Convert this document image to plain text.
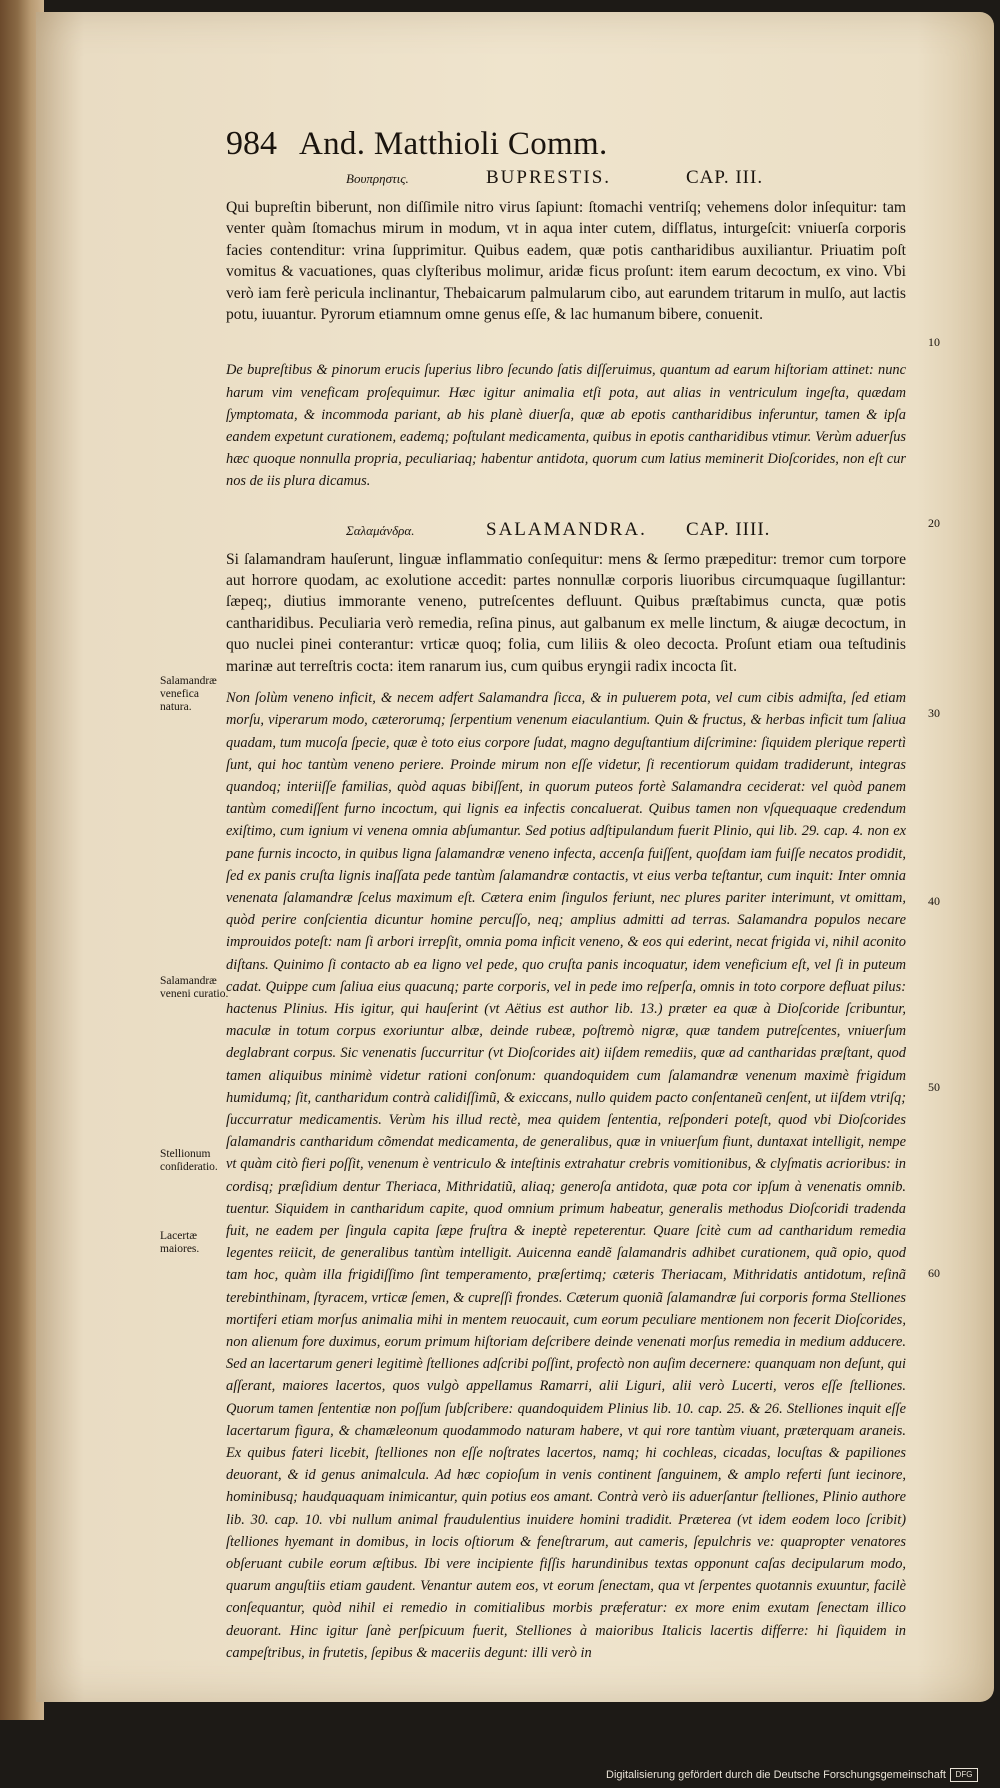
984 And. Matthioli Comm.
Βουπρηστις.	BUPRESTIS.	CAP. III.

Qui bupreſtin biberunt, non diſſimile nitro virus ſapiunt: ſtomachi ventriſq; vehemens dolor inſequitur: tam venter quàm ſtomachus mirum in modum, vt in aqua inter cutem, diſflatus, inturgeſcit: vniuerſa corporis facies contenditur: vrina ſupprimitur. Quibus eadem, quæ potis cantharidibus auxiliantur. Priuatim poſt vomitus & vacuationes, quas clyſteribus molimur, aridæ ficus proſunt: item earum decoctum, ex vino. Vbi verò iam ferè pericula inclinantur, Thebaicarum palmularum cibo, aut earundem tritarum in mulſo, aut lactis potu, iuuantur. Pyrorum etiamnum omne genus eſſe, & lac humanum bibere, conuenit.

De bupreſtibus & pinorum erucis ſuperius libro ſecundo ſatis diſſeruimus, quantum ad earum hiſtoriam attinet: nunc harum vim veneficam proſequimur. Hæc igitur animalia etſi pota, aut alias in ventriculum ingeſta, quædam ſymptomata, & incommoda pariant, ab his planè diuerſa, quæ ab epotis cantharidibus inferuntur, tamen & ipſa eandem expetunt curationem, eademq; poſtulant medicamenta, quibus in epotis cantharidibus vtimur. Verùm aduerſus hæc quoque nonnulla propria, peculiariaq; habentur antidota, quorum cum latius meminerit Dioſcorides, non eſt cur nos de iis plura dicamus.

Σαλαμάνδρα.	SALAMANDRA.	CAP. IIII.

Si ſalamandram hauſerunt, linguæ inflammatio conſequitur: mens & ſermo præpeditur: tremor cum torpore aut horrore quodam, ac exolutione accedit: partes nonnullæ corporis liuoribus circumquaque ſugillantur: ſæpeq;, diutius immorante veneno, putreſcentes defluunt. Quibus præſtabimus cuncta, quæ potis cantharidibus. Peculiaria verò remedia, reſina pinus, aut galbanum ex melle linctum, & aiugæ decoctum, in quo nuclei pinei conterantur: vrticæ quoq; folia, cum liliis & oleo decocta. Proſunt etiam oua teſtudinis marinæ aut terreſtris cocta: item ranarum ius, cum quibus eryngii radix incocta ſit.

Non ſolùm veneno inficit, & necem adfert Salamandra ſicca, & in puluerem pota, vel cum cibis admiſta, ſed etiam morſu, viperarum modo, cæterorumq; ſerpentium venenum eiaculantium. Quin & fructus, & herbas inficit tum ſaliua quadam, tum mucoſa ſpecie, quæ è toto eius corpore ſudat, magno deguſtantium diſcrimine: ſiquidem plerique repertì ſunt, qui hoc tantùm veneno periere. Proinde mirum non eſſe videtur, ſi recentiorum quidam tradiderunt, integras quandoq; interiiſſe familias, quòd aquas bibiſſent, in quorum puteos fortè Salamandra ceciderat: vel quòd panem tantùm comediſſent furno incoctum, qui lignis ea infectis concaluerat. Quibus tamen non vſquequaque credendum exiſtimo, cum ignium vi venena omnia abſumantur. Sed potius adſtipulandum fuerit Plinio, qui lib. 29. cap. 4. non ex pane furnis incocto, in quibus ligna ſalamandræ veneno infecta, accenſa fuiſſent, quoſdam iam fuiſſe necatos prodidit, ſed ex panis cruſta lignis inaſſata pede tantùm ſalamandræ contactis, vt eius verba teſtantur, cum inquit: Inter omnia venenata ſalamandræ ſcelus maximum eſt. Cætera enim ſingulos feriunt, nec plures pariter interimunt, vt omittam, quòd perire conſcientia dicuntur homine percuſſo, neq; amplius admitti ad terras. Salamandra populos necare improuidos poteſt: nam ſi arbori irrepſit, omnia poma inficit veneno, & eos qui ederint, necat frigida vi, nihil aconito diſtans. Quinimo ſi contacto ab ea ligno vel pede, quo cruſta panis incoquatur, idem veneficium eſt, vel ſi in puteum cadat. Quippe cum ſaliua eius quacunq; parte corporis, vel in pede imo reſperſa, omnis in toto corpore defluat pilus: hactenus Plinius. His igitur, qui hauſerint (vt Aëtius est author lib. 13.) præter ea quæ à Dioſcoride ſcribuntur, maculæ in totum corpus exoriuntur albæ, deinde rubeæ, poſtremò nigræ, quæ tandem putreſcentes, vniuerſum deglabrant corpus. Sic venenatis ſuccurritur (vt Dioſcorides ait) iiſdem remediis, quæ ad cantharidas præſtant, quod tamen aliquibus minimè videtur rationi conſonum: quandoquidem cum ſalamandræ venenum maximè frigidum humidumq; ſit, cantharidum contrà calidiſſimũ, & exiccans, nullo quidem pacto conſentaneũ cenſent, ut iiſdem vtriſq; ſuccurratur medicamentis. Verùm his illud rectè, mea quidem ſententia, reſponderi poteſt, quod vbi Dioſcorides ſalamandris cantharidum cõmendat medicamenta, de generalibus, quæ in vniuerſum fiunt, duntaxat intelligit, nempe vt quàm citò fieri poſſit, venenum è ventriculo & inteſtinis extrahatur crebris vomitionibus, & clyſmatis acrioribus: in cordisq; præſidium dentur Theriaca, Mithridatiũ, aliaq; generoſa antidota, quæ pota cor ipſum à venenatis omnib. tuentur. Siquidem in cantharidum capite, quod omnium primum habeatur, generalis methodus Dioſcoridi tradenda fuit, ne eadem per ſingula capita ſæpe fruſtra & ineptè repeterentur. Quare ſcitè cum ad cantharidum remedia legentes reiicit, de generalibus tantùm intelligit. Auicenna eandẽ ſalamandris adhibet curationem, quã opio, quod tam hoc, quàm illa frigidiſſimo ſint temperamento, præſertimq; cæteris Theriacam, Mithridatis antidotum, reſinã terebinthinam, ſtyracem, vrticæ ſemen, & cupreſſi frondes. Cæterum quoniã ſalamandræ ſui corporis forma Stelliones mortiferi etiam morſus animalia mihi in mentem reuocauit, cum eorum peculiare mentionem non fecerit Dioſcorides, non alienum fore duximus, eorum primum hiſtoriam deſcribere deinde venenati morſus remedia in medium adducere. Sed an lacertarum generi legitimè ſtelliones adſcribi poſſint, profectò non auſim decernere: quanquam non deſunt, qui aſſerant, maiores lacertos, quos vulgò appellamus Ramarri, alii Liguri, alii verò Lucerti, veros eſſe ſtelliones. Quorum tamen ſententiæ non poſſum ſubſcribere: quandoquidem Plinius lib. 10. cap. 25. & 26. Stelliones inquit eſſe lacertarum figura, & chamæleonum quodammodo naturam habere, vt qui rore tantùm viuant, præterquam araneis. Ex quibus fateri licebit, ſtelliones non eſſe noſtrates lacertos, namq; hi cochleas, cicadas, locuſtas & papiliones deuorant, & id genus animalcula. Ad hæc copioſum in venis continent ſanguinem, & amplo referti ſunt iecinore, hominibusq; haudquaquam inimicantur, quin potius eos amant. Contrà verò iis aduerſantur ſtelliones, Plinio authore lib. 30. cap. 10. vbi nullum animal fraudulentius inuidere homini tradidit. Præterea (vt idem eodem loco ſcribit) ſtelliones hyemant in domibus, in locis oſtiorum & feneſtrarum, aut cameris, ſepulchris ve: quapropter venatores obſeruant cubile eorum æſtibus. Ibi vere incipiente fiſſis harundinibus textas opponunt caſas decipularum modo, quarum anguſtiis etiam gaudent. Venantur autem eos, vt eorum ſenectam, qua vt ſerpentes quotannis exuuntur, facilè conſequantur, quòd nihil ei remedio in comitialibus morbis præferatur: ex more enim exutam ſenectam illico deuorant. Hinc igitur ſanè perſpicuum fuerit, Stelliones à maioribus Italicis lacertis differre: hi ſiquidem in campeſtribus, in frutetis, ſepibus & maceriis degunt: illi verò in

Salamandræ venefica natura.
Salamandræ veneni curatio.
Stellionum conſideratio.
Lacertæ maiores.
10
20
30
40
50
60
Digitalisierung gefördert durch die Deutsche Forschungsgemeinschaft	DFG
